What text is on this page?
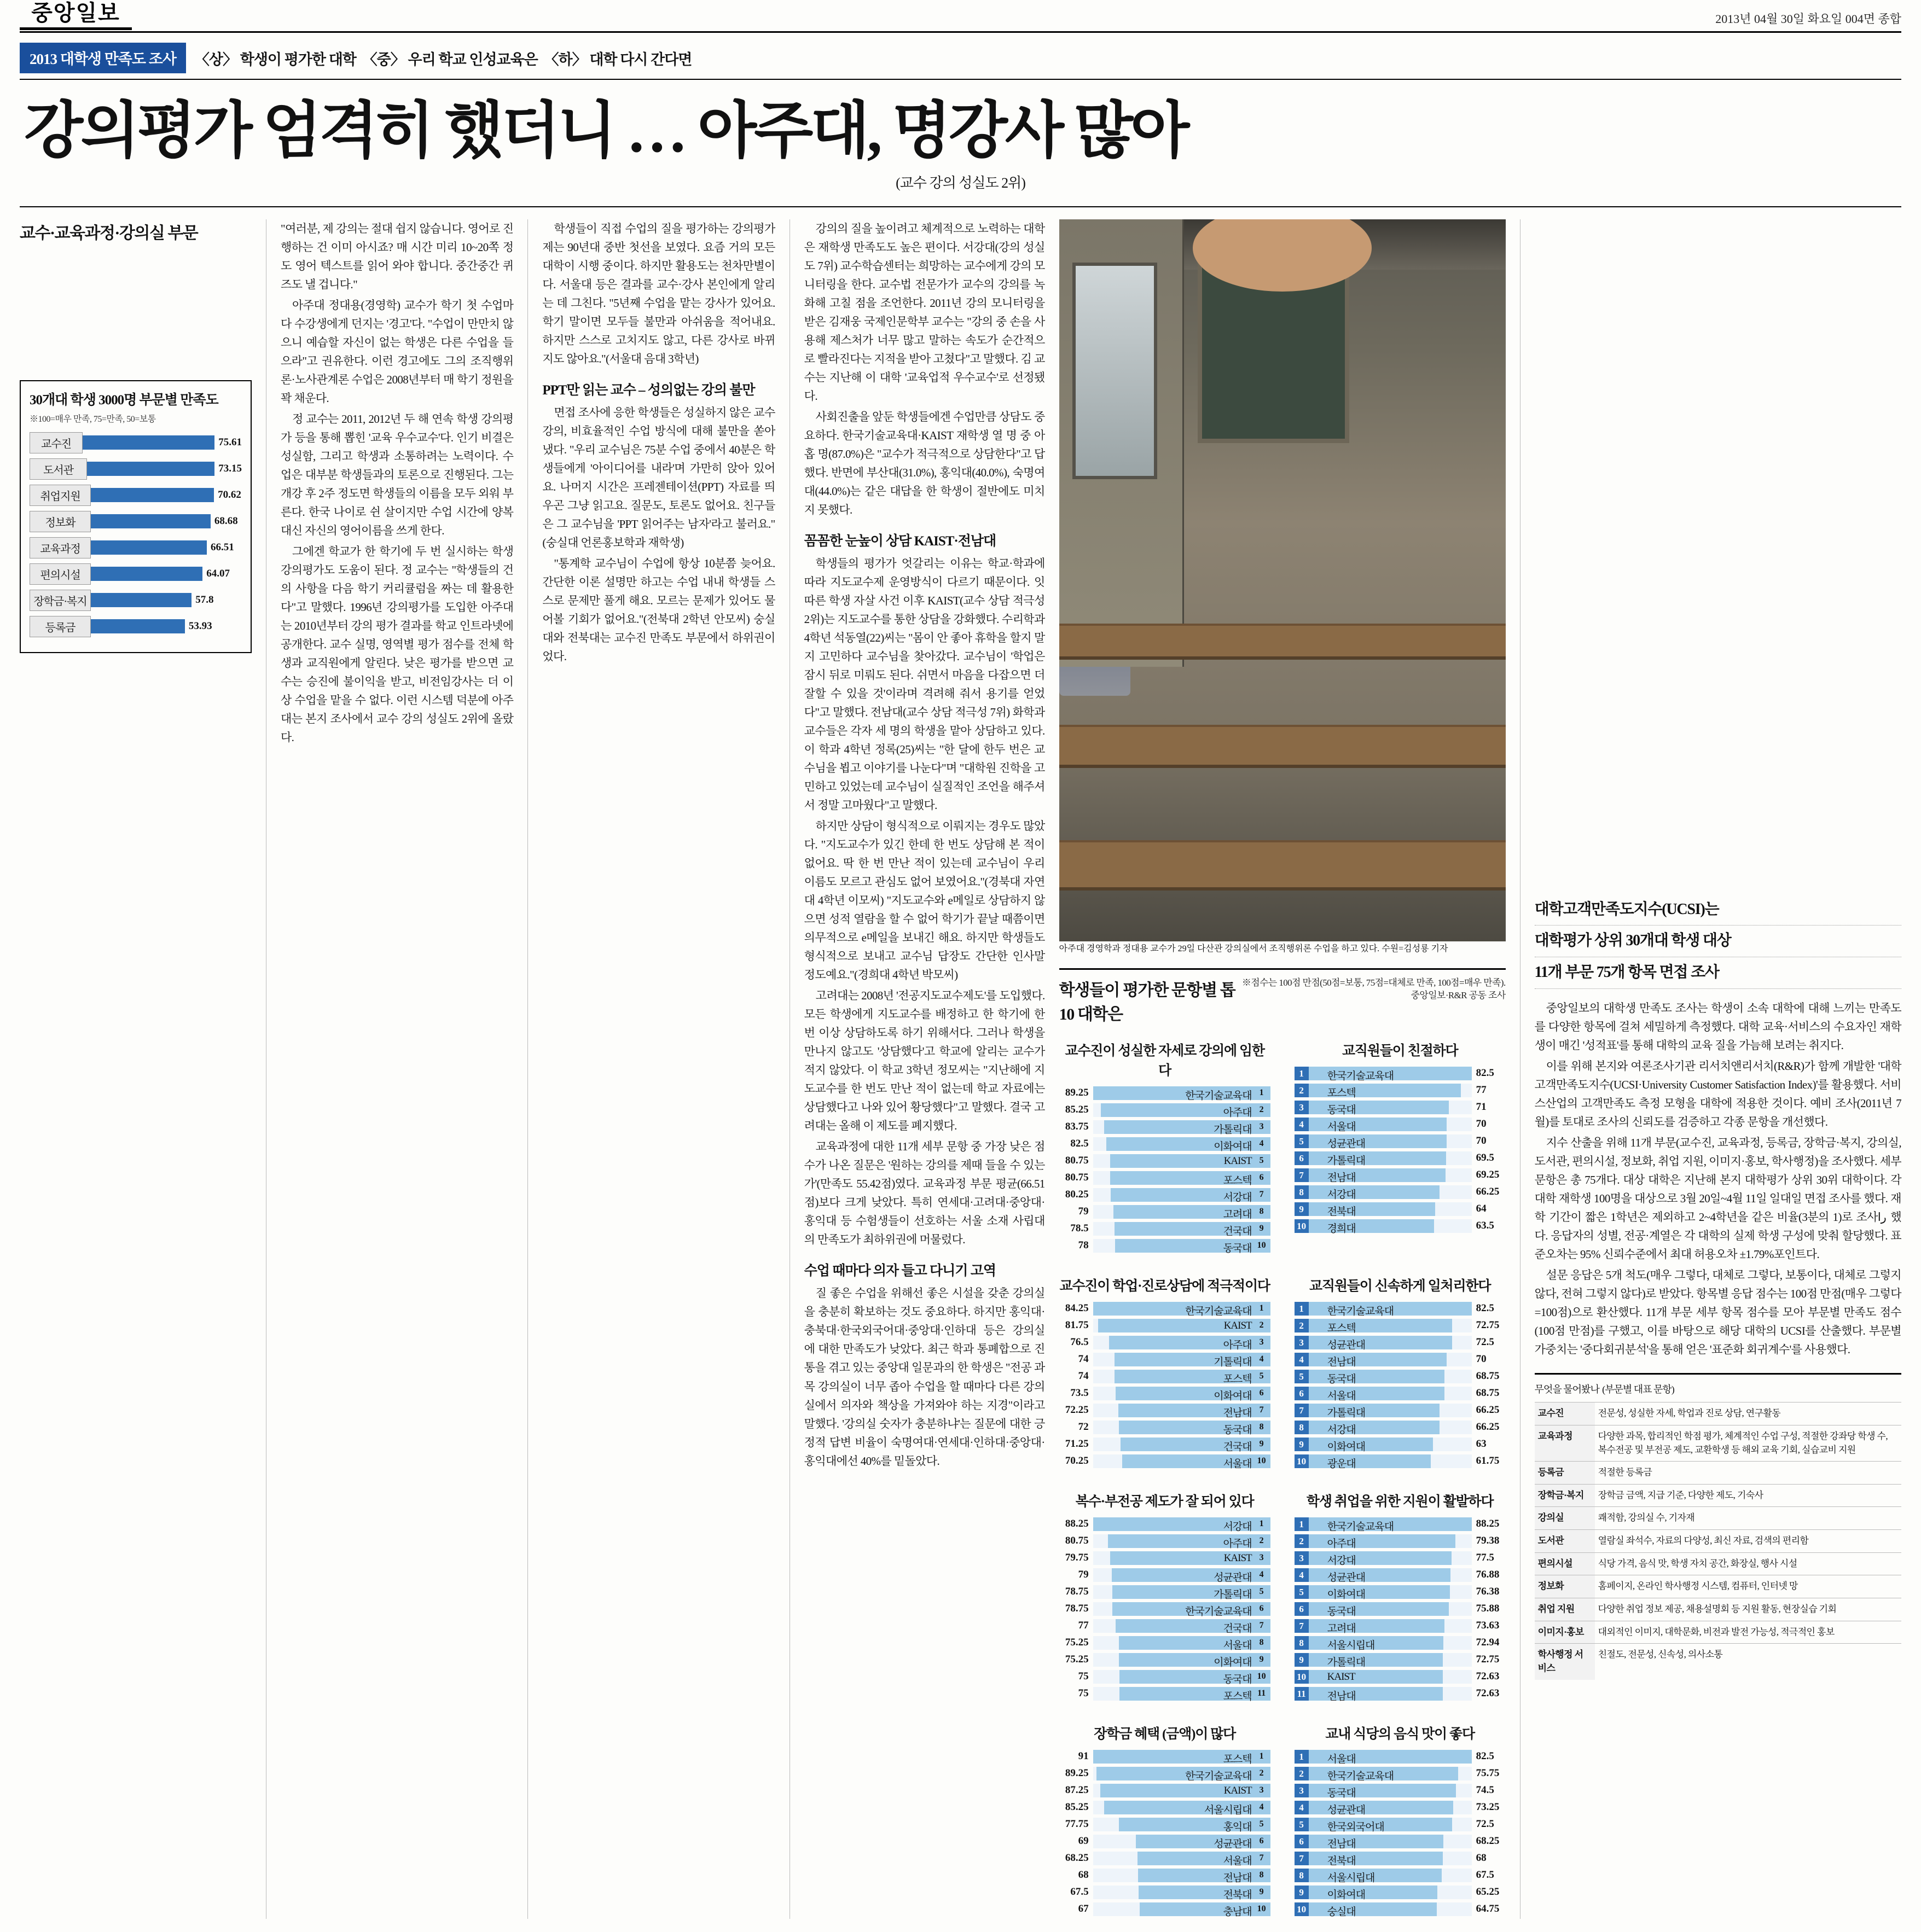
중앙일보	2013년 04월 30일 화요일 004면 종합
2013 대학생 만족도 조사	〈상〉 학생이 평가한 대학 〈중〉 우리 학교 인성교육은 〈하〉 대학 다시 간다면
강의평가 엄격히 했더니 … 아주대, 명강사 많아
(교수 강의 성실도 2위)
교수·교육과정·강의실 부문
30개대 학생 3000명 부문별 만족도

※100=매우 만족, 75=만족, 50=보통

교수진	75.61
도서관	73.15
취업지원	70.62
정보화	68.68
교육과정	66.51
편의시설	64.07
장학금·복지	57.8
등록금	53.93

"여러분, 제 강의는 절대 쉽지 않습니다. 영어로 진행하는 건 이미 아시죠? 매 시간 미리 10~20쪽 정도 영어 텍스트를 읽어 와야 합니다. 중간중간 퀴즈도 낼 겁니다."

아주대 정대용(경영학) 교수가 학기 첫 수업마다 수강생에게 던지는 '경고'다. "수업이 만만치 않으니 예습할 자신이 없는 학생은 다른 수업을 들으라"고 권유한다. 이런 경고에도 그의 조직행위론·노사관계론 수업은 2008년부터 매 학기 정원을 꽉 채운다.

정 교수는 2011, 2012년 두 해 연속 학생 강의평가 등을 통해 뽑힌 '교육 우수교수'다. 인기 비결은 성실함, 그리고 학생과 소통하려는 노력이다. 수업은 대부분 학생들과의 토론으로 진행된다. 그는 개강 후 2주 정도면 학생들의 이름을 모두 외워 부른다. 한국 나이로 쉰 살이지만 수업 시간에 양복 대신 자신의 영어이름을 쓰게 한다.

그에겐 학교가 한 학기에 두 번 실시하는 학생 강의평가도 도움이 된다. 정 교수는 "학생들의 건의 사항을 다음 학기 커리큘럼을 짜는 데 활용한다"고 말했다. 1996년 강의평가를 도입한 아주대는 2010년부터 강의 평가 결과를 학교 인트라넷에 공개한다. 교수 실명, 영역별 평가 점수를 전체 학생과 교직원에게 알린다. 낮은 평가를 받으면 교수는 승진에 불이익을 받고, 비전임강사는 더 이상 수업을 맡을 수 없다. 이런 시스템 덕분에 아주대는 본지 조사에서 교수 강의 성실도 2위에 올랐다.

학생들이 직접 수업의 질을 평가하는 강의평가제는 90년대 중반 첫선을 보였다. 요즘 거의 모든 대학이 시행 중이다. 하지만 활용도는 천차만별이다. 서울대 등은 결과를 교수·강사 본인에게 알리는 데 그친다. "5년째 수업을 맡는 강사가 있어요. 학기 말이면 모두들 불만과 아쉬움을 적어내요. 하지만 스스로 고치지도 않고, 다른 강사로 바뀌지도 않아요."(서울대 음대 3학년)

PPT만 읽는 교수 – 성의없는 강의 불만

면접 조사에 응한 학생들은 성실하지 않은 교수 강의, 비효율적인 수업 방식에 대해 불만을 쏟아냈다. "우리 교수님은 75분 수업 중에서 40분은 학생들에게 '아이디어를 내라'며 가만히 앉아 있어요. 나머지 시간은 프레젠테이션(PPT) 자료를 띄우곤 그냥 읽고요. 질문도, 토론도 없어요. 친구들은 그 교수님을 'PPT 읽어주는 남자'라고 불러요."(숭실대 언론홍보학과 재학생)

"통계학 교수님이 수업에 항상 10분쯤 늦어요. 간단한 이론 설명만 하고는 수업 내내 학생들 스스로 문제만 풀게 해요. 모르는 문제가 있어도 물어볼 기회가 없어요."(전북대 2학년 안모씨) 숭실대와 전북대는 교수진 만족도 부문에서 하위권이었다.

강의의 질을 높이려고 체계적으로 노력하는 대학은 재학생 만족도도 높은 편이다. 서강대(강의 성실도 7위) 교수학습센터는 희망하는 교수에게 강의 모니터링을 한다. 교수법 전문가가 교수의 강의를 녹화해 고칠 점을 조언한다. 2011년 강의 모니터링을 받은 김재웅 국제인문학부 교수는 "강의 중 손을 사용해 제스처가 너무 많고 말하는 속도가 순간적으로 빨라진다는 지적을 받아 고쳤다"고 말했다. 김 교수는 지난해 이 대학 '교육업적 우수교수'로 선정됐다.

사회진출을 앞둔 학생들에겐 수업만큼 상담도 중요하다. 한국기술교육대·KAIST 재학생 열 명 중 아홉 명(87.0%)은 "교수가 적극적으로 상담한다"고 답했다. 반면에 부산대(31.0%), 홍익대(40.0%), 숙명여대(44.0%)는 같은 대답을 한 학생이 절반에도 미치지 못했다.

꼼꼼한 눈높이 상담 KAIST·전남대

학생들의 평가가 엇갈리는 이유는 학교·학과에 따라 지도교수제 운영방식이 다르기 때문이다. 잇따른 학생 자살 사건 이후 KAIST(교수 상담 적극성 2위)는 지도교수를 통한 상담을 강화했다. 수리학과 4학년 석동열(22)씨는 "몸이 안 좋아 휴학을 할지 말지 고민하다 교수님을 찾아갔다. 교수님이 '학업은 잠시 뒤로 미뤄도 된다. 쉬면서 마음을 다잡으면 더 잘할 수 있을 것'이라며 격려해 줘서 용기를 얻었다"고 말했다. 전남대(교수 상담 적극성 7위) 화학과 교수들은 각자 세 명의 학생을 맡아 상담하고 있다. 이 학과 4학년 정록(25)씨는 "한 달에 한두 번은 교수님을 뵙고 이야기를 나눈다"며 "대학원 진학을 고민하고 있었는데 교수님이 실질적인 조언을 해주셔서 정말 고마웠다"고 말했다.

하지만 상담이 형식적으로 이뤄지는 경우도 많았다. "지도교수가 있긴 한데 한 번도 상담해 본 적이 없어요. 딱 한 번 만난 적이 있는데 교수님이 우리 이름도 모르고 관심도 없어 보였어요."(경북대 자연대 4학년 이모씨) "지도교수와 e메일로 상담하지 않으면 성적 열람을 할 수 없어 학기가 끝날 때쯤이면 의무적으로 e메일을 보내긴 해요. 하지만 학생들도 형식적으로 보내고 교수님 답장도 간단한 인사말 정도예요."(경희대 4학년 박모씨)

고려대는 2008년 '전공지도교수제도'를 도입했다. 모든 학생에게 지도교수를 배정하고 한 학기에 한 번 이상 상담하도록 하기 위해서다. 그러나 학생을 만나지 않고도 '상담했다'고 학교에 알리는 교수가 적지 않았다. 이 학교 3학년 정모씨는 "지난해에 지도교수를 한 번도 만난 적이 없는데 학교 자료에는 상담했다고 나와 있어 황당했다"고 말했다. 결국 고려대는 올해 이 제도를 폐지했다.

교육과정에 대한 11개 세부 문항 중 가장 낮은 점수가 나온 질문은 '원하는 강의를 제때 들을 수 있는가'(만족도 55.42점)였다. 교육과정 부문 평균(66.51점)보다 크게 낮았다. 특히 연세대·고려대·중앙대·홍익대 등 수험생들이 선호하는 서울 소재 사립대의 만족도가 최하위권에 머물렀다.

수업 때마다 의자 들고 다니기 고역

질 좋은 수업을 위해선 좋은 시설을 갖춘 강의실을 충분히 확보하는 것도 중요하다. 하지만 홍익대·충북대·한국외국어대·중앙대·인하대 등은 강의실에 대한 만족도가 낮았다. 최근 학과 통폐합으로 진통을 겪고 있는 중앙대 일문과의 한 학생은 "전공 과목 강의실이 너무 좁아 수업을 할 때마다 다른 강의실에서 의자와 책상을 가져와야 하는 지경"이라고 말했다. '강의실 숫자가 충분하냐'는 질문에 대한 긍정적 답변 비율이 숙명여대·연세대·인하대·중앙대·홍익대에선 40%를 밑돌았다.

아주대 경영학과 정대용 교수가 29일 다산관 강의실에서 조직행위론 수업을 하고 있다. 수원=김성룡 기자
학생들이 평가한 문항별 톱10 대학은
※점수는 100점 만점(50점=보통, 75점=대체로 만족, 100점=매우 만족). 중앙일보·R&R 공동 조사
교수진이 성실한 자세로 강의에 임한다
89.25	한국기술교육대 1
85.25	아주대 2
83.75	가톨릭대 3
82.5	이화여대 4
80.75	KAIST 5
80.75	포스텍 6
80.25	서강대 7
79	고려대 8
78.5	건국대 9
78	동국대 10
교직원들이 친절하다
1	한국기술교육대	82.5
2	포스텍	77
3	동국대	71
4	서울대	70
5	성균관대	70
6	가톨릭대	69.5
7	전남대	69.25
8	서강대	66.25
9	전북대	64
10 경희대	63.5
교수진이 학업·진로상담에 적극적이다
84.25	한국기술교육대 1
81.75	KAIST 2
76.5	아주대 3
74	기톨릭대 4
74	포스텍 5
73.5	이화여대 6
72.25	전남대 7
72	동국대 8
71.25	건국대 9
70.25	서울대 10
교직원들이 신속하게 일처리한다
1	한국기술교육대	82.5
2	포스텍	72.75
3	성균관대	72.5
4	전남대	70
5	동국대	68.75
6	서울대	68.75
7	가톨릭대	66.25
8	서강대	66.25
9	이화여대	63
10 광운대	61.75
복수·부전공 제도가 잘 되어 있다
88.25	서강대 1
80.75	아주대 2
79.75	KAIST 3
79	성균관대 4
78.75	가톨릭대 5
78.75	한국기술교육대 6
77	건국대 7
75.25	서울대 8
75.25	이화여대 9
75	동국대 10
75	포스텍 11
학생 취업을 위한 지원이 활발하다
1	한국기술교육대	88.25
2	아주대	79.38
3	서강대	77.5
4	성균관대	76.88
5	이화여대	76.38
6	동국대	75.88
7	고려대	73.63
8	서울시립대	72.94
9	가톨릭대	72.75
10 KAIST	72.63
11 전남대	72.63
장학금 혜택 (금액)이 많다
91	포스텍 1
89.25	한국기술교육대 2
87.25	KAIST 3
85.25	서울시립대 4
77.75	홍익대 5
69	성균관대 6
68.25	서울대 7
68	전남대 8
67.5	전북대 9
67	충남대 10
교내 식당의 음식 맛이 좋다
1	서울대	82.5
2	한국기술교육대	75.75
3	동국대	74.5
4	성균관대	73.25
5	한국외국어대	72.5
6	전남대	68.25
7	전북대	68
8	서울시립대	67.5
9	이화여대	65.25
10 숭실대	64.75
대학고객만족도지수(UCSI)는
대학평가 상위 30개대 학생 대상
11개 부문 75개 항목 면접 조사

중앙일보의 대학생 만족도 조사는 학생이 소속 대학에 대해 느끼는 만족도를 다양한 항목에 걸쳐 세밀하게 측정했다. 대학 교육·서비스의 수요자인 재학생이 매긴 '성적표'를 통해 대학의 교육 질을 가늠해 보려는 취지다.

이를 위해 본지와 여론조사기관 리서치앤리서치(R&R)가 함께 개발한 '대학고객만족도지수(UCSI·University Customer Satisfaction Index)'를 활용했다. 서비스산업의 고객만족도 측정 모형을 대학에 적용한 것이다. 예비 조사(2011년 7월)를 토대로 조사의 신뢰도를 검증하고 각종 문항을 개선했다.

지수 산출을 위해 11개 부문(교수진, 교육과정, 등록금, 장학금·복지, 강의실, 도서관, 편의시설, 정보화, 취업 지원, 이미지·홍보, 학사행정)을 조사했다. 세부 문항은 총 75개다. 대상 대학은 지난해 본지 대학평가 상위 30위 대학이다. 각 대학 재학생 100명을 대상으로 3월 20일~4월 11일 일대일 면접 조사를 했다. 재학 기간이 짧은 1학년은 제외하고 2~4학년을 같은 비율(3분의 1)로 조사را 했다. 응답자의 성별, 전공·계열은 각 대학의 실제 학생 구성에 맞춰 할당했다. 표준오차는 95% 신뢰수준에서 최대 허용오차 ±1.79%포인트다.

설문 응답은 5개 척도(매우 그렇다, 대체로 그렇다, 보통이다, 대체로 그렇지 않다, 전혀 그렇지 않다)로 받았다. 항목별 응답 점수는 100점 만점(매우 그렇다=100점)으로 환산했다. 11개 부문 세부 항목 점수를 모아 부문별 만족도 점수(100점 만점)를 구했고, 이를 바탕으로 해당 대학의 UCSI를 산출했다. 부문별 가중치는 '중다회귀분석'을 통해 얻은 '표준화 회귀계수'를 사용했다.

무엇을 물어봤나 (부문별 대표 문항)
교수진	전문성, 성실한 자세, 학업과 진로 상담, 연구활동
교육과정	다양한 과목, 합리적인 학점 평가, 체계적인 수업 구성, 적절한 강좌당 학생 수, 복수전공 및 부전공 제도, 교환학생 등 해외 교육 기회, 실습교비 지원
등록금	적절한 등록금
장학금·복지	장학금 금액, 지급 기준, 다양한 제도, 기숙사
강의실	쾌적함, 강의실 수, 기자재
도서관	열람실 좌석수, 자료의 다양성, 최신 자료, 검색의 편리함
편의시설	식당 가격, 음식 맛, 학생 자치 공간, 화장실, 행사 시설
정보화	홈페이지, 온라인 학사행정 시스템, 컴퓨터, 인터넷 망
취업 지원	다양한 취업 정보 제공, 채용설명회 등 지원 활동, 현장실습 기회
이미지·홍보	대외적인 이미지, 대학문화, 비전과 발전 가능성, 적극적인 홍보
학사행정 서비스	친절도, 전문성, 신속성, 의사소통
